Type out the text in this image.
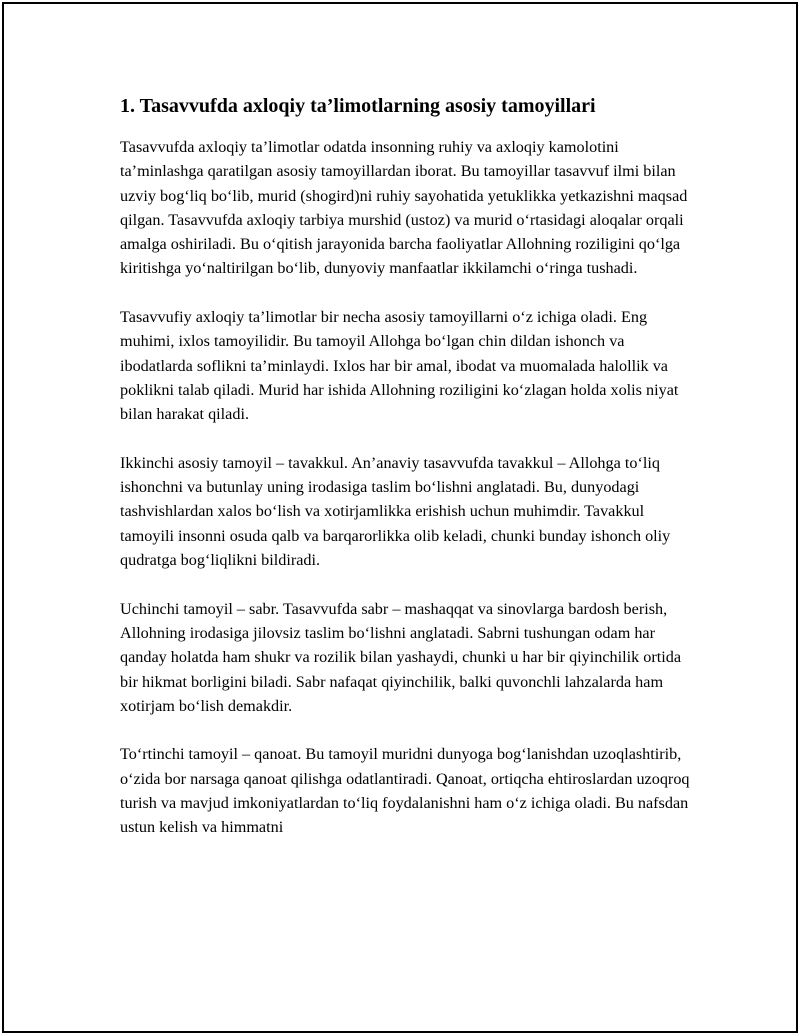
1. Tasavvufda axloqiy ta’limotlarning asosiy tamoyillari

Tasavvufda axloqiy ta’limotlar odatda insonning ruhiy va axloqiy kamolotini ta’minlashga qaratilgan asosiy tamoyillardan iborat. Bu tamoyillar tasavvuf ilmi bilan uzviy bog‘liq bo‘lib, murid (shogird)ni ruhiy sayohatida yetuklikka yetkazishni maqsad qilgan. Tasavvufda axloqiy tarbiya murshid (ustoz) va murid o‘rtasidagi aloqalar orqali amalga oshiriladi. Bu o‘qitish jarayonida barcha faoliyatlar Allohning roziligini qo‘lga kiritishga yo‘naltirilgan bo‘lib, dunyoviy manfaatlar ikkilamchi o‘ringa tushadi.

Tasavvufiy axloqiy ta’limotlar bir necha asosiy tamoyillarni o‘z ichiga oladi. Eng muhimi, ixlos tamoyilidir. Bu tamoyil Allohga bo‘lgan chin dildan ishonch va ibodatlarda soflikni ta’minlaydi. Ixlos har bir amal, ibodat va muomalada halollik va poklikni talab qiladi. Murid har ishida Allohning roziligini ko‘zlagan holda xolis niyat bilan harakat qiladi.

Ikkinchi asosiy tamoyil – tavakkul. An’anaviy tasavvufda tavakkul – Allohga to‘liq ishonchni va butunlay uning irodasiga taslim bo‘lishni anglatadi. Bu, dunyodagi tashvishlardan xalos bo‘lish va xotirjamlikka erishish uchun muhimdir. Tavakkul tamoyili insonni osuda qalb va barqarorlikka olib keladi, chunki bunday ishonch oliy qudratga bog‘liqlikni bildiradi.

Uchinchi tamoyil – sabr. Tasavvufda sabr – mashaqqat va sinovlarga bardosh berish, Allohning irodasiga jilovsiz taslim bo‘lishni anglatadi. Sabrni tushungan odam har qanday holatda ham shukr va rozilik bilan yashaydi, chunki u har bir qiyinchilik ortida bir hikmat borligini biladi. Sabr nafaqat qiyinchilik, balki quvonchli lahzalarda ham xotirjam bo‘lish demakdir.

To‘rtinchi tamoyil – qanoat. Bu tamoyil muridni dunyoga bog‘lanishdan uzoqlashtirib, o‘zida bor narsaga qanoat qilishga odatlantiradi. Qanoat, ortiqcha ehtiroslardan uzoqroq turish va mavjud imkoniyatlardan to‘liq foydalanishni ham o‘z ichiga oladi. Bu nafsdan ustun kelish va himmatni
